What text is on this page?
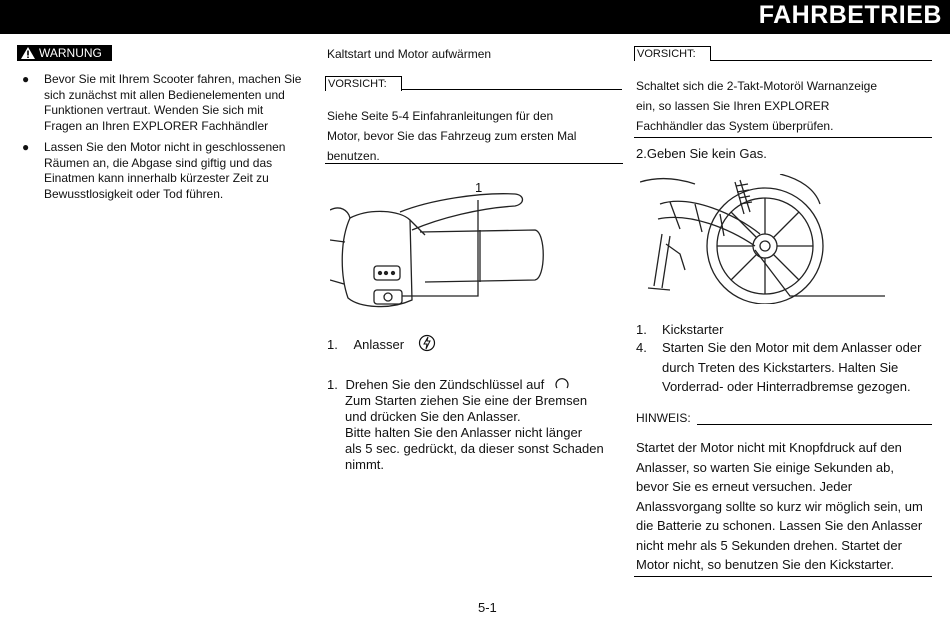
FAHRBETRIEB
WARNUNG
● Bevor Sie mit Ihrem Scooter fahren, machen Sie sich zunächst mit allen Bedienelementen und Funktionen vertraut. Wenden Sie sich mit Fragen an Ihren EXPLORER Fachhändler
● Lassen Sie den Motor nicht in geschlossenen Räumen an, die Abgase sind giftig und das Einatmen kann innerhalb kürzester Zeit zu Bewusstlosigkeit oder Tod führen.
Kaltstart und Motor aufwärmen
VORSICHT:
Siehe Seite 5-4 Einfahranleitungen für den
Motor, bevor Sie das Fahrzeug zum ersten Mal
benutzen.
1
1. Anlasser
1. Drehen Sie den Zündschlüssel auf
Zum Starten ziehen Sie eine der Bremsen
und drücken Sie den Anlasser.
Bitte halten Sie den Anlasser nicht länger
als 5 sec. gedrückt, da dieser sonst Schaden
nimmt.
VORSICHT:
Schaltet sich die 2-Takt-Motoröl Warnanzeige
ein, so lassen Sie Ihren EXPLORER
Fachhändler das System überprüfen.
2.Geben Sie kein Gas.
1.	Kickstarter
4.	Starten Sie den Motor mit dem Anlasser oder
durch Treten des Kickstarters. Halten Sie
Vorderrad- oder Hinterradbremse gezogen.
HINWEIS:
Startet der Motor nicht mit Knopfdruck auf den
Anlasser, so warten Sie einige Sekunden ab,
bevor Sie es erneut versuchen. Jeder
Anlassvorgang sollte so kurz wir möglich sein, um
die Batterie zu schonen. Lassen Sie den Anlasser
nicht mehr als 5 Sekunden drehen. Startet der
Motor nicht, so benutzen Sie den Kickstarter.
5-1
